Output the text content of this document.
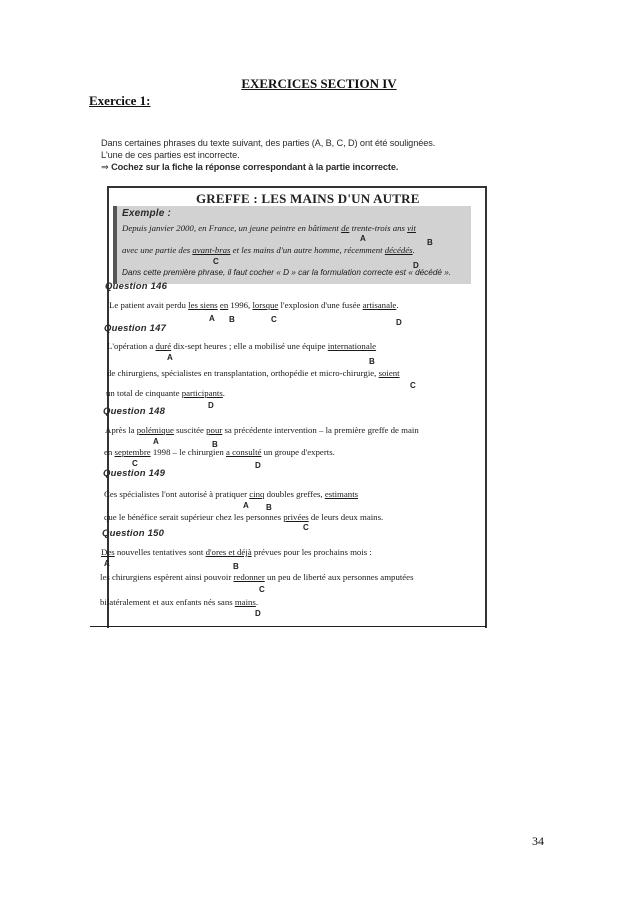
EXERCICES SECTION IV
Exercice 1:
Dans certaines phrases du texte suivant, des parties (A, B, C, D) ont été soulignées.
L'une de ces parties est incorrecte.
⇒ Cochez sur la fiche la réponse correspondant à la partie incorrecte.
GREFFE : LES MAINS D'UN AUTRE
Exemple :
Depuis janvier 2000, en France, un jeune peintre en bâtiment de trente-trois ans vit
A	B
avec une partie des avant-bras et les mains d'un autre homme, récemment décédés.
C	D
Dans cette première phrase, il faut cocher « D » car la formulation correcte est « décédé ».
Question 146
Le patient avait perdu les siens en 1996, lorsque l'explosion d'une fusée artisanale.
A B	C	D
Question 147
L'opération a duré dix-sept heures ; elle a mobilisé une équipe internationale
A	B
de chirurgiens, spécialistes en transplantation, orthopédie et micro-chirurgie, soient
C
un total de cinquante participants.
D
Question 148
Après la polémique suscitée pour sa précédente intervention – la première greffe de main
A	B
en septembre 1998 – le chirurgien a consulté un groupe d'experts.
C	D
Question 149
Ces spécialistes l'ont autorisé à pratiquer cinq doubles greffes, estimants
A B
que le bénéfice serait supérieur chez les personnes privées de leurs deux mains.
C
Question 150
Des nouvelles tentatives sont d'ores et déjà prévues pour les prochains mois :
A	B
les chirurgiens espèrent ainsi pouvoir redonner un peu de liberté aux personnes amputées
C
bilatéralement et aux enfants nés sans mains.
D
34
